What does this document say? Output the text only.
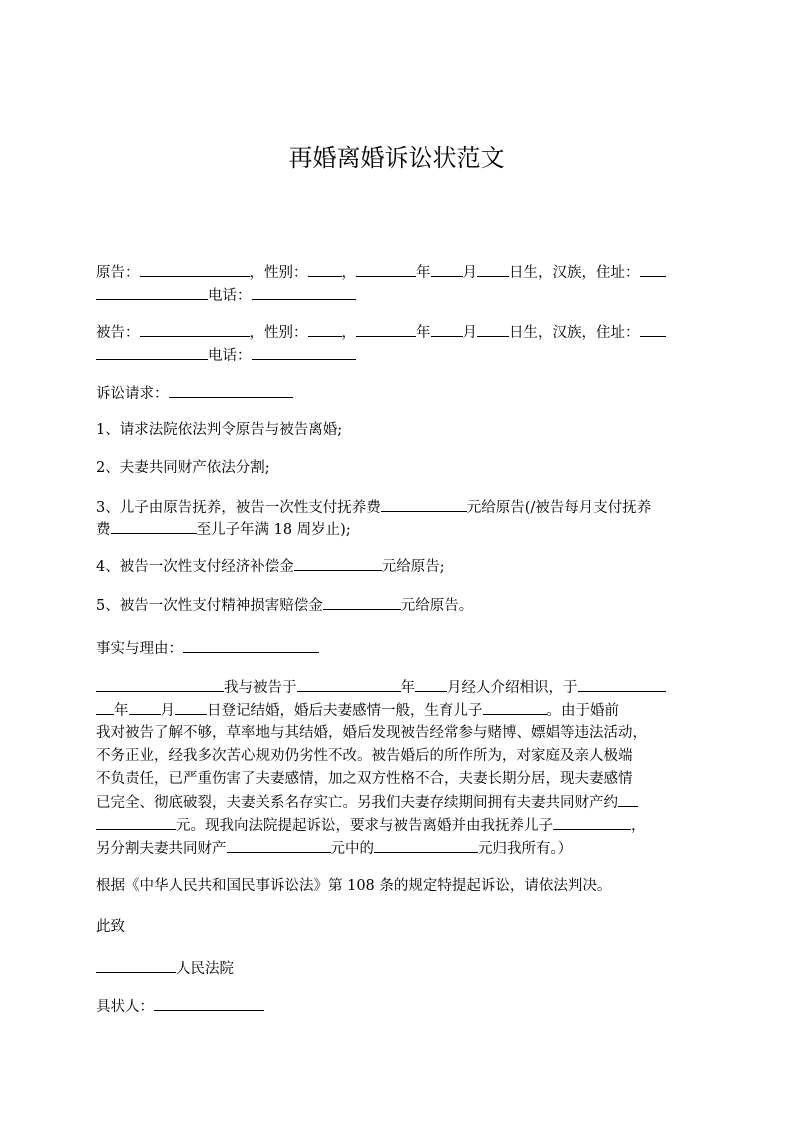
再婚离婚诉讼状范文
原告：	，性别： ，	年 月 日生，汉族，住址：
电话：
被告：	，性别： ，	年 月 日生，汉族，住址：
电话：
诉讼请求：
1、请求法院依法判令原告与被告离婚;
2、夫妻共同财产依法分割;
3、儿子由原告抚养，被告一次性支付抚养费	元给原告(/被告每月支付抚养
费	至儿子年满 18 周岁止);
4、被告一次性支付经济补偿金	元给原告;
5、被告一次性支付精神损害赔偿金	元给原告。
事实与理由：
我与被告于	年 月经人介绍相识，于
年 月 日登记结婚，婚后夫妻感情一般，生育儿子	。由于婚前
我对被告了解不够，草率地与其结婚，婚后发现被告经常参与赌博、嫖娼等违法活动，
不务正业，经我多次苦心规劝仍劣性不改。被告婚后的所作所为，对家庭及亲人极端
不负责任，已严重伤害了夫妻感情，加之双方性格不合，夫妻长期分居，现夫妻感情
已完全、彻底破裂，夫妻关系名存实亡。另我们夫妻存续期间拥有夫妻共同财产约
元。现我向法院提起诉讼，要求与被告离婚并由我抚养儿子	，
另分割夫妻共同财产	元中的	元归我所有。）
根据《中华人民共和国民事诉讼法》第 108 条的规定特提起诉讼，请依法判决。
此致
人民法院
具状人：
